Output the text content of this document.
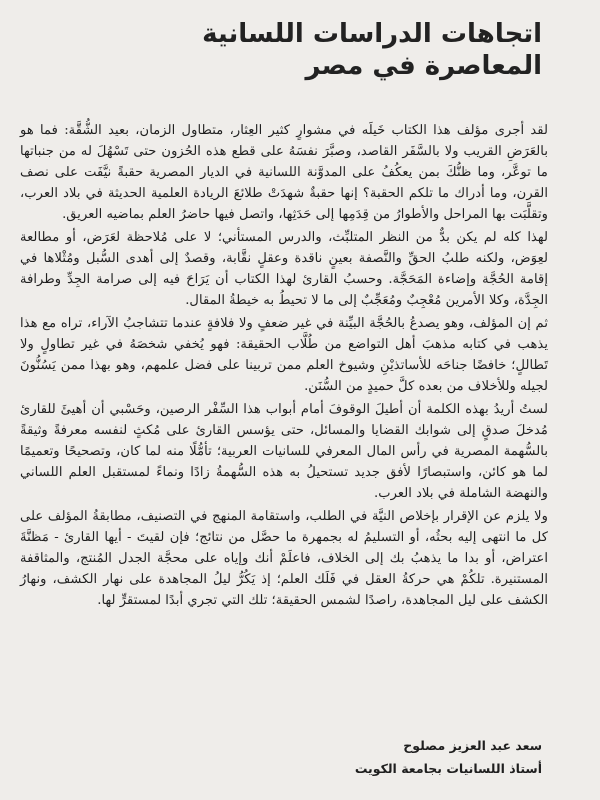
اتجاهات الدراسات اللسانية
المعاصرة في مصر

لقد أجرى مؤلف هذا الكتاب خَيلَه في مشوارٍ كثير العِثار، متطاول الزمان، بعيد الشُّقَّة: فما هو بالعَرَضِ القريب ولا بالسَّفَر القاصد، وصبَّرَ نفسَهُ على قطع هذه الحُزون حتى تَسْهُلَ له من جنباتها ما توعَّر، وما ظنُّكَ بمن يعكُفُ على المدوَّنة اللسانية في الديار المصرية حقبةً نيَّفَت على نصف القرن، وما أدراك ما تلكم الحقبة؟ إنها حقبةٌ شهدَتْ طلائعَ الريادة العلمية الحديثة في بلاد العرب، وتقلَّبَت بها المراحل والأطوارُ من قِدَمِها إلى حَدَثِها، واتصل فيها حاضرُ العلم بماضيه العريق.

لهذا كله لم يكن بدٌّ من النظر المتلبِّث، والدرس المستأني؛ لا على مُلاحظة لعَرَض، أو مطالعة لعِوَض، ولكنه طلبُ الحقِّ والنَّصفة بعينٍ ناقدة وعقلٍ نقَّابة، وقصدٌ إلى أهدى السُّبل ومُثْلاها في إقامة الحُجَّة وإضاءة المَحَجَّة. وحسبُ القارئ لهذا الكتاب أن يَرَاحَ فيه إلى صرامة الجِدِّ وطرافة الجِدَّة، وكلا الأمرين مُعْجِبٌ ومُعَجِّبٌ إلى ما لا تحيطُ به خيطةُ المقال.

ثم إن المؤلف، وهو يصدعُ بالحُجَّة البيِّنة في غير ضعفٍ ولا فلافةٍ عندما تتشاجبُ الآراء، تراه مع هذا يذهب في كتابه مذهبَ أهل التواضع من طُلَّاب الحقيقة: فهو يُخفي شخصَهُ في غير تطاولٍ ولا تَطاللٍ؛ خافضًا جناحَه للأساتذيْنِ وشيوخ العلم ممن تربينا على فضل علمهم، وهو بهذا ممن يَسُنُّونَ لجيله وللأخلاف من بعده كلَّ حميدٍ من السُّنَن.

لستُ أريدُ بهذه الكلمة أن أطيلَ الوقوفَ أمام أبواب هذا السِّفْر الرصين، وحَسْبي أن أهيئَ للقارئ مُدخلَ صدقٍ إلى شوابك القضايا والمسائل، حتى يؤسس القارئ على مُكثٍ لنفسه معرفةً وثيقةً بالسُّهمة المصرية في رأس المال المعرفي للسانيات العربية؛ تأمُّلًا منه لما كان، وتصحيحًا وتعميمًا لما هو كائن، واستبصارًا لأفق جديد تستحيلُ به هذه السُّهمةُ زادًا ونماءً لمستقبل العلم اللساني والنهضة الشاملة في بلاد العرب.

ولا يلزم عن الإقرار بإخلاص النيَّة في الطلب، واستقامة المنهج في التصنيف، مطابقةُ المؤلف على كل ما انتهى إليه بحثُه، أو التسليمُ له بجمهرة ما حصَّل من نتائج؛ فإن لقيتَ - أيها القارئ - مَظنَّةَ اعتراض، أو بدا ما يذهبُ بك إلى الخلاف، فاعلَمْ أنك وإياه على محجَّة الجدل المُنتج، والمثاقفة المستنيرة. تلكُمْ هي حركةُ العقل في فَلَك العلم؛ إذ يَكُرُّ ليلُ المجاهدة على نهار الكشف، ونهارُ الكشف على ليل المجاهدة، راصدًا لشمس الحقيقة؛ تلك التي تجري أبدًا لمستقرٍّ لها.

سعد عبد العزيز مصلوح
أستاذ اللسانيات بجامعة الكويت
